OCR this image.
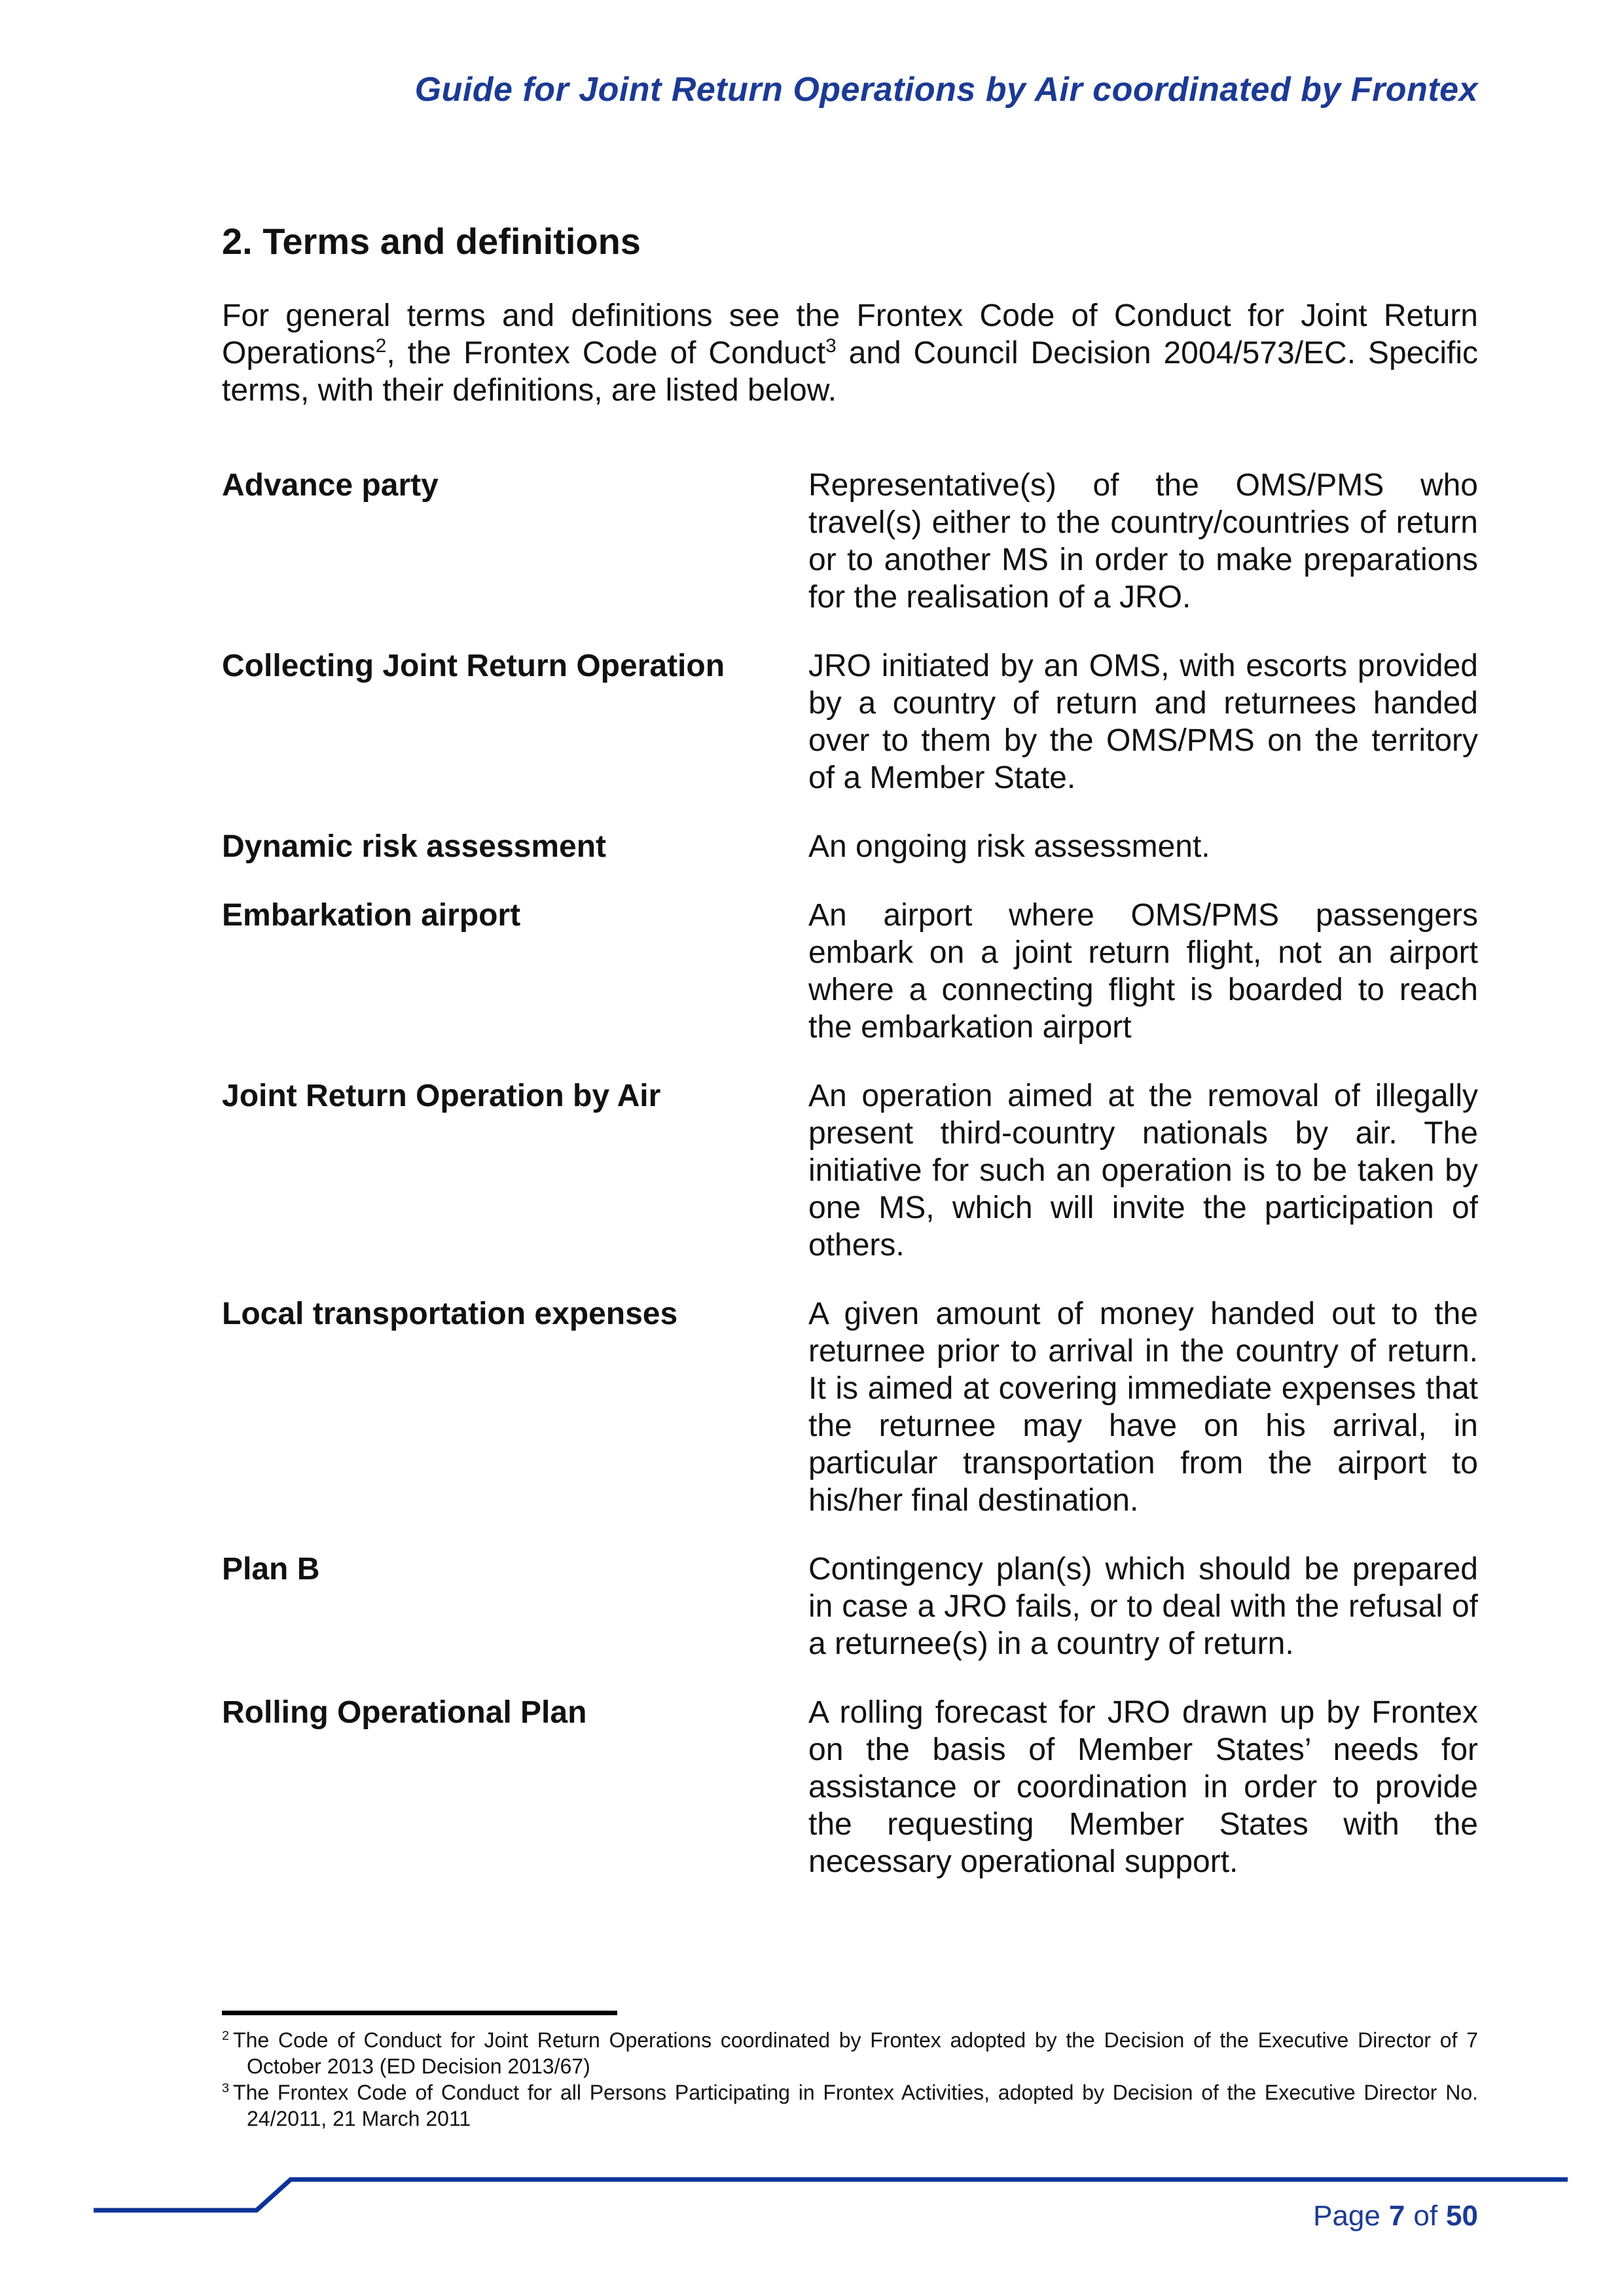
Guide for Joint Return Operations by Air coordinated by Frontex
2. Terms and definitions

For general terms and definitions see the Frontex Code of Conduct for Joint Return Operations$^2$, the Frontex Code of Conduct$^3$ and Council Decision 2004/573/EC. Specific terms, with their definitions, are listed below.

Advance party	Representative(s) of the OMS/PMS who travel(s) either to the country/countries of return or to another MS in order to make preparations for the realisation of a JRO.
Collecting Joint Return Operation	JRO initiated by an OMS, with escorts provided by a country of return and returnees handed over to them by the OMS/PMS on the territory of a Member State.
Dynamic risk assessment	An ongoing risk assessment.
Embarkation airport	An airport where OMS/PMS passengers embark on a joint return flight, not an airport where a connecting flight is boarded to reach the embarkation airport
Joint Return Operation by Air	An operation aimed at the removal of illegally present third-country nationals by air. The initiative for such an operation is to be taken by one MS, which will invite the participation of others.
Local transportation expenses	A given amount of money handed out to the returnee prior to arrival in the country of return. It is aimed at covering immediate expenses that the returnee may have on his arrival, in particular transportation from the airport to his/her final destination.
Plan B	Contingency plan(s) which should be prepared in case a JRO fails, or to deal with the refusal of a returnee(s) in a country of return.
Rolling Operational Plan	A rolling forecast for JRO drawn up by Frontex on the basis of Member States’ needs for assistance or coordination in order to provide the requesting Member States with the necessary operational support.

$^2$ The Code of Conduct for Joint Return Operations coordinated by Frontex adopted by the Decision of the Executive Director of 7 October 2013 (ED Decision 2013/67)

$^3$ The Frontex Code of Conduct for all Persons Participating in Frontex Activities, adopted by Decision of the Executive Director No. 24/2011, 21 March 2011

Page 7 of 50
